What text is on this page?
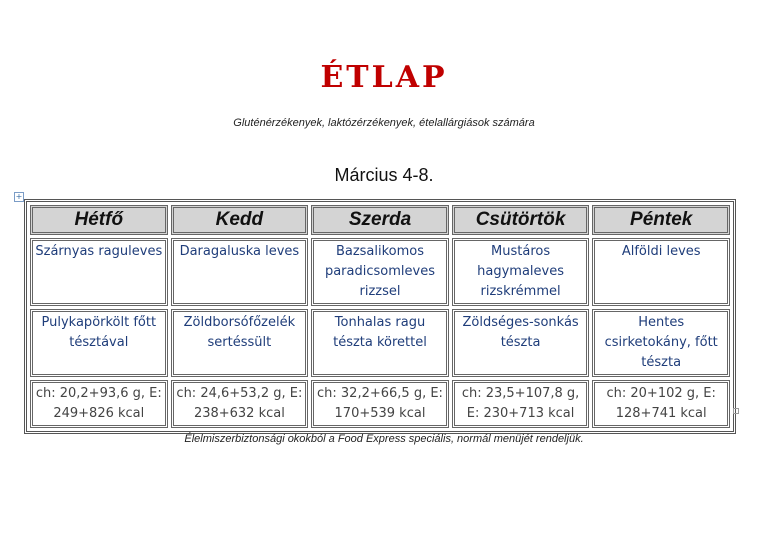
ÉTLAP
Gluténérzékenyek, laktózérzékenyek, ételallárgiások számára
Március 4-8.
+
Hétfő	Kedd	Szerda	Csütörtök	Péntek
Szárnyas raguleves	Daragaluska leves	Bazsalikomos paradicsomleves rizzsel	Mustáros hagymaleves rizskrémmel	Alföldi leves
Pulykapörkölt főtt tésztával	Zöldborsófőzelék sertéssült	Tonhalas ragu tészta körettel	Zöldséges-sonkás tészta	Hentes csirketokány, főtt tészta
ch: 20,2+93,6 g, E: 249+826 kcal	ch: 24,6+53,2 g, E: 238+632 kcal	ch: 32,2+66,5 g, E: 170+539 kcal	ch: 23,5+107,8 g, E: 230+713 kcal	ch: 20+102 g, E: 128+741 kcal
Élelmiszerbiztonsági okokból a Food Express speciális, normál menüjét rendeljük.
